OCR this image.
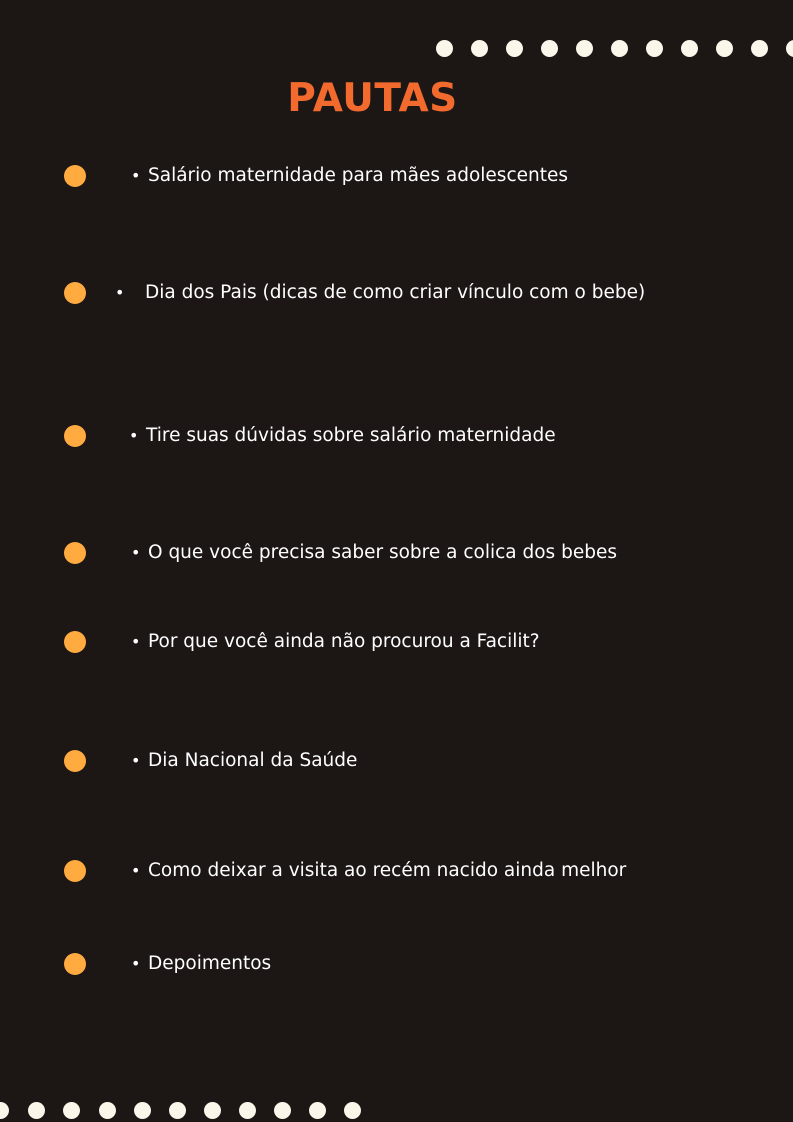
PAUTAS
• Salário maternidade para mães adolescentes
• Dia dos Pais (dicas de como criar vínculo com o bebe)
• Tire suas dúvidas sobre salário maternidade
• O que você precisa saber sobre a colica dos bebes
• Por que você ainda não procurou a Facilit?
• Dia Nacional da Saúde
• Como deixar a visita ao recém nacido ainda melhor
• Depoimentos
